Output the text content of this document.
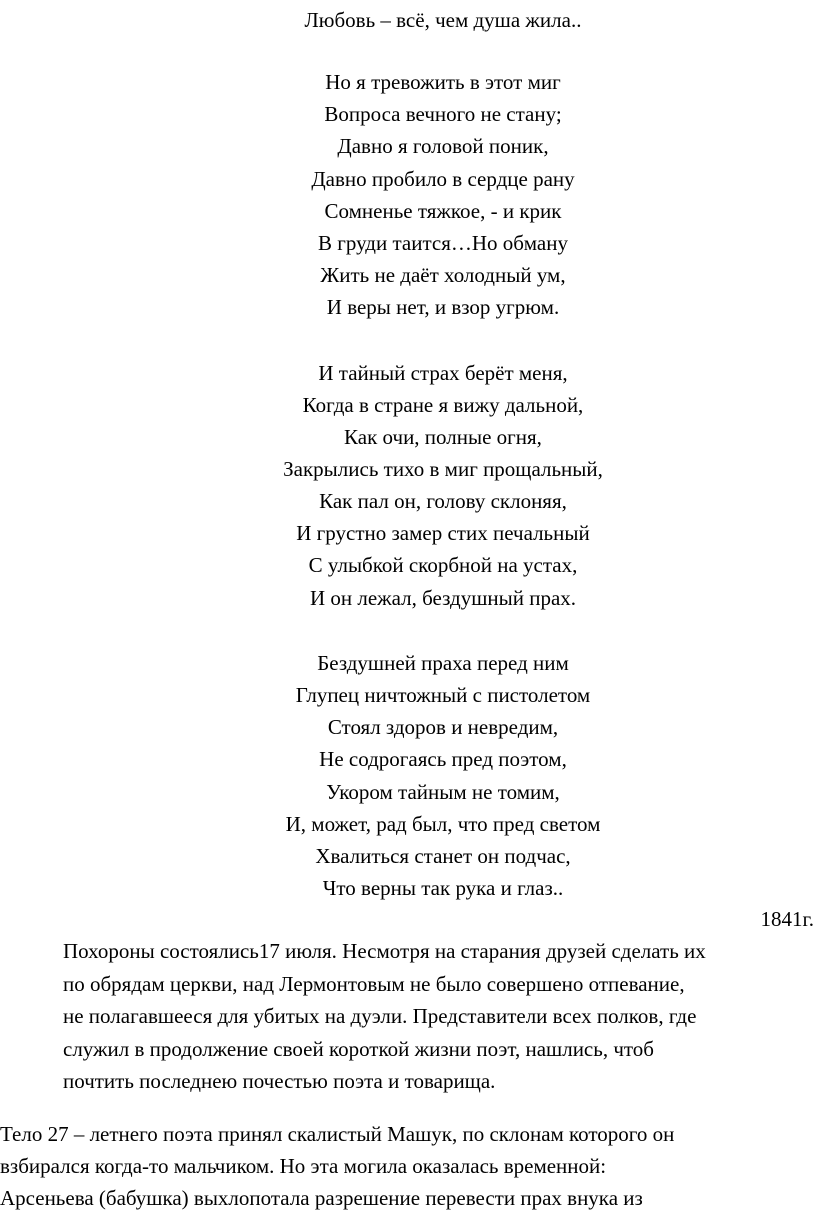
Любовь – всё, чем душа жила..
Но я тревожить в этот миг
Вопроса вечного не стану;
Давно я головой поник,
Давно пробило в сердце рану
Сомненье тяжкое, - и крик
В груди таится…Но обману
Жить не даёт холодный ум,
И веры нет, и взор угрюм.
И тайный страх берёт меня,
Когда в стране я вижу дальной,
Как очи, полные огня,
Закрылись тихо в миг прощальный,
Как пал он, голову склоняя,
И грустно замер стих печальный
С улыбкой скорбной на устах,
И он лежал, бездушный прах.
Бездушней праха перед ним
Глупец ничтожный с пистолетом
Стоял здоров и невредим,
Не содрогаясь пред поэтом,
Укором тайным не томим,
И, может, рад был, что пред светом
Хвалиться станет он подчас,
Что верны так рука и глаз..
1841г.
Похороны состоялись17 июля. Несмотря на старания друзей сделать их
по обрядам церкви, над Лермонтовым не было совершено отпевание,
не полагавшееся для убитых на дуэли. Представители всех полков, где
служил в продолжение своей короткой жизни поэт, нашлись, чтоб
почтить последнею почестью поэта и товарища.
Тело 27 – летнего поэта принял скалистый Машук, по склонам которого он
взбирался когда-то мальчиком. Но эта могила оказалась временной:
Арсеньева (бабушка) выхлопотала разрешение перевести прах внука из
